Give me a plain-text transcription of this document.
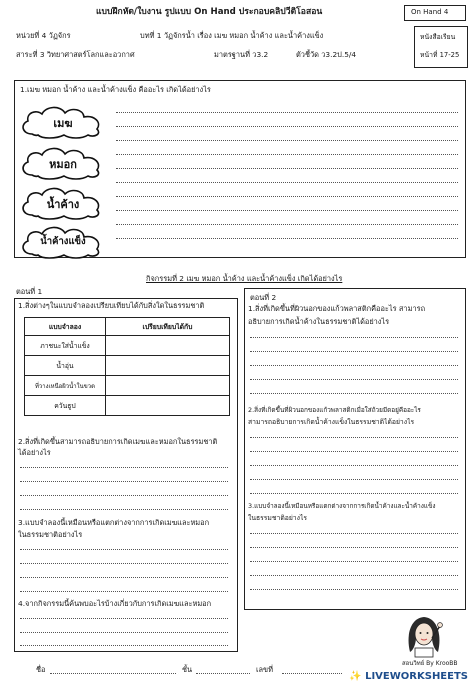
แบบฝึกหัด/ใบงาน รูปแบบ On Hand ประกอบคลิปวีดิโอสอน	On Hand 4
หน่วยที่ 4 วัฏจักร	บทที่ 1 วัฏจักรน้ำ เรื่อง เมฆ หมอก น้ำค้าง และน้ำค้างแข็ง
สาระที่ 3 วิทยาศาสตร์โลกและอวกาศ	มาตรฐานที่ ว3.2	ตัวชี้วัด ว3.2ป.5/4
หนังสือเรียน
หน้าที่ 17-25
1.เมฆ หมอก น้ำค้าง และน้ำค้างแข็ง คืออะไร เกิดได้อย่างไร
เมฆ
หมอก
น้ำค้าง
น้ำค้างแข็ง
กิจกรรมที่ 2 เมฆ หมอก น้ำค้าง และน้ำค้างแข็ง เกิดได้อย่างไร
ตอนที่ 1
1.สิ่งต่างๆในแบบจำลองเปรียบเทียบได้กับสิ่งใดในธรรมชาติ
แบบจำลอง	เปรียบเทียบได้กับ
ภาชนะใส่น้ำแข็ง	
น้ำอุ่น	
ที่วางเหนือผิวน้ำในขวด	
ควันธูป	
2.สิ่งที่เกิดขึ้นสามารถอธิบายการเกิดเมฆและหมอกในธรรมชาติ
ได้อย่างไร
3.แบบจำลองนี้เหมือนหรือแตกต่างจากการเกิดเมฆและหมอก
ในธรรมชาติอย่างไร
4.จากกิจกรรมนี้ค้นพบอะไรบ้างเกี่ยวกับการเกิดเมฆและหมอก
ตอนที่ 2
1.สิ่งที่เกิดขึ้นที่ผิวนอกของแก้วพลาสติกคืออะไร สามารถ
อธิบายการเกิดน้ำค้างในธรรมชาติได้อย่างไร
2.สิ่งที่เกิดขึ้นที่ผิวนอกของแก้วพลาสติกเมื่อใส่ถ้วยมีดอยู่คืออะไร
สามารถอธิบายการเกิดน้ำค้างแข็งในธรรมชาติได้อย่างไร
3.แบบจำลองนี้เหมือนหรือแตกต่างจากการเกิดน้ำค้างและน้ำค้างแข็ง
ในธรรมชาติอย่างไร
สอนวิทย์ By KrooBB
ชื่อ	ชั้น	เลขที่
✨ LIVEWORKSHEETS
